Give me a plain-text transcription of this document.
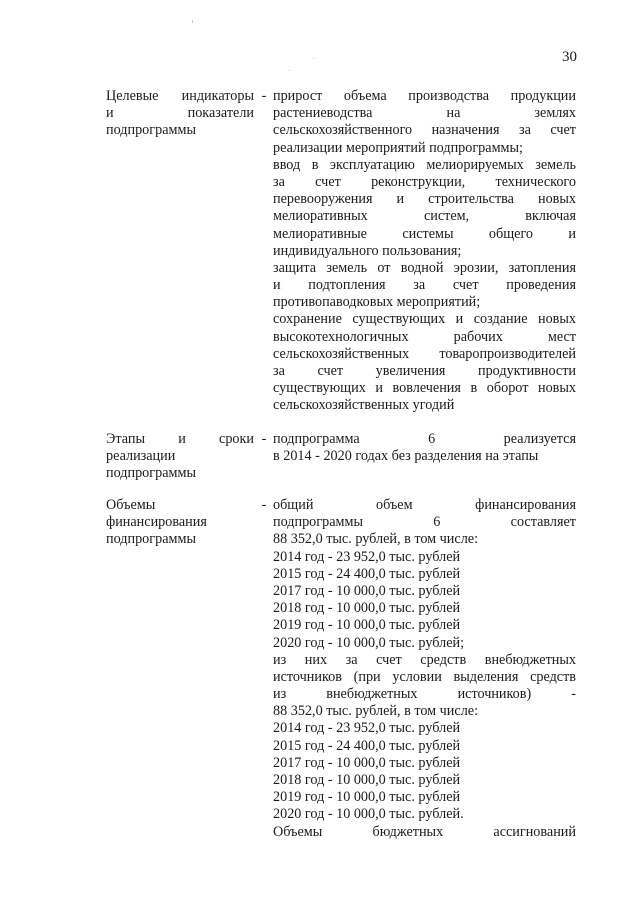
30
Целевые индикаторы
и показатели
подпрограммы
- прирост объема производства продукции
растениеводства на землях
сельскохозяйственного назначения за счет
реализации мероприятий подпрограммы;
ввод в эксплуатацию мелиорируемых земель
за счет реконструкции, технического
перевооружения и строительства новых
мелиоративных систем, включая
мелиоративные системы общего и
индивидуального пользования;
защита земель от водной эрозии, затопления
и подтопления за счет проведения
противопаводковых мероприятий;
сохранение существующих и создание новых
высокотехнологичных рабочих мест
сельскохозяйственных товаропроизводителей
за счет увеличения продуктивности
существующих и вовлечения в оборот новых
сельскохозяйственных угодий
Этапы и сроки
реализации
подпрограммы
- подпрограмма 6 реализуется
в 2014 - 2020 годах без разделения на этапы
Объемы
финансирования
подпрограммы
- общий объем финансирования
подпрограммы 6 составляет
88 352,0 тыс. рублей, в том числе:
2014 год - 23 952,0 тыс. рублей
2015 год - 24 400,0 тыс. рублей
2017 год - 10 000,0 тыс. рублей
2018 год - 10 000,0 тыс. рублей
2019 год - 10 000,0 тыс. рублей
2020 год - 10 000,0 тыс. рублей;
из них за счет средств внебюджетных
источников (при условии выделения средств
из внебюджетных источников) -
88 352,0 тыс. рублей, в том числе:
2014 год - 23 952,0 тыс. рублей
2015 год - 24 400,0 тыс. рублей
2017 год - 10 000,0 тыс. рублей
2018 год - 10 000,0 тыс. рублей
2019 год - 10 000,0 тыс. рублей
2020 год - 10 000,0 тыс. рублей.
Объемы бюджетных ассигнований
